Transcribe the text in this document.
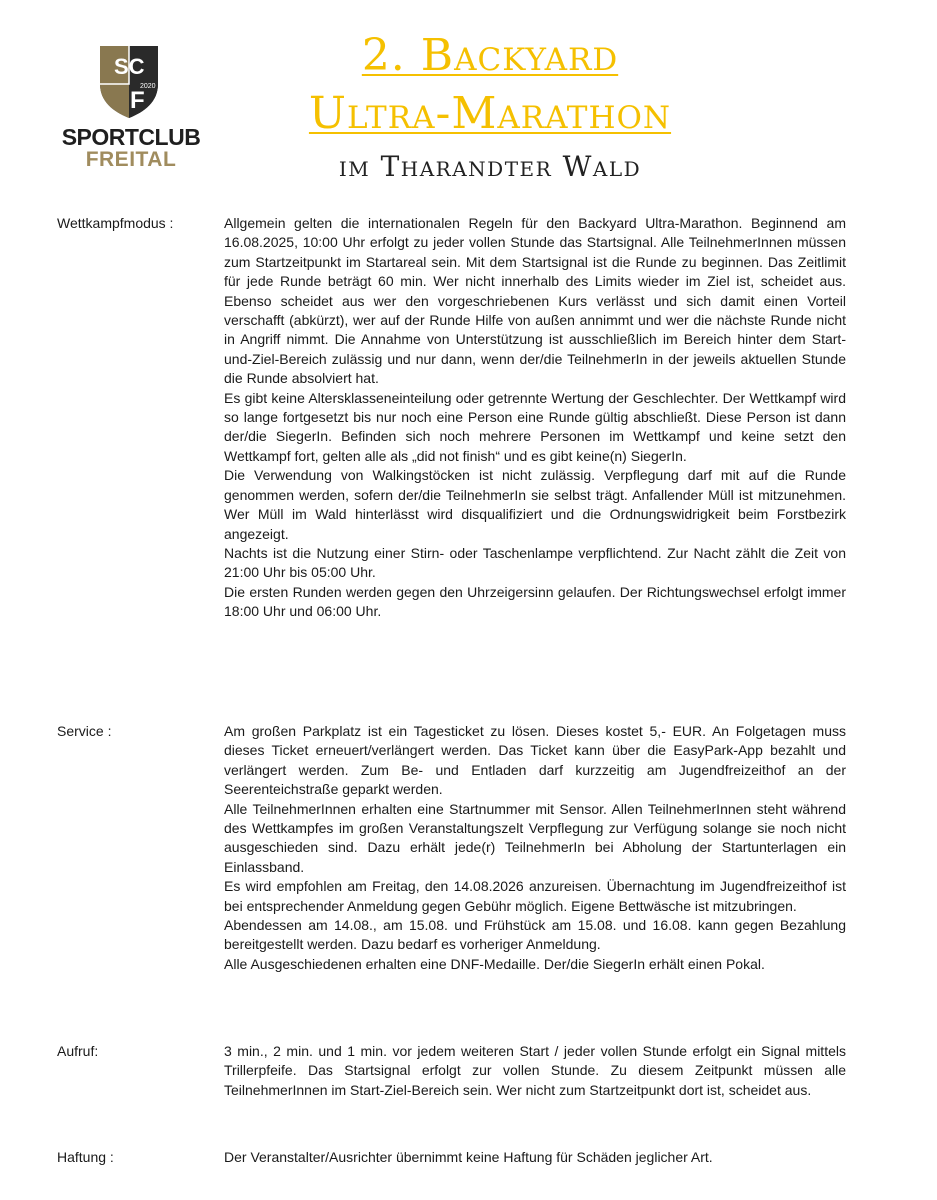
SC
F
2020
SPORTCLUB
FREITAL
2. Backyard
Ultra-Marathon
im Tharandter Wald
Wettkampfmodus :	Allgemein gelten die internationalen Regeln für den Backyard Ultra-Marathon. Beginnend am 16.08.2025, 10:00 Uhr erfolgt zu jeder vollen Stunde das Startsignal. Alle TeilnehmerInnen müssen zum Startzeitpunkt im Startareal sein. Mit dem Startsignal ist die Runde zu beginnen. Das Zeitlimit für jede Runde beträgt 60 min. Wer nicht innerhalb des Limits wieder im Ziel ist, scheidet aus. Ebenso scheidet aus wer den vorgeschriebenen Kurs verlässt und sich damit einen Vorteil verschafft (abkürzt), wer auf der Runde Hilfe von außen annimmt und wer die nächste Runde nicht in Angriff nimmt. Die Annahme von Unterstützung ist ausschließlich im Bereich hinter dem Start- und-Ziel-Bereich zulässig und nur dann, wenn der/die TeilnehmerIn in der jeweils aktuellen Stunde die Runde absolviert hat.

Es gibt keine Altersklasseneinteilung oder getrennte Wertung der Geschlechter. Der Wettkampf wird so lange fortgesetzt bis nur noch eine Person eine Runde gültig abschließt. Diese Person ist dann der/die SiegerIn. Befinden sich noch mehrere Personen im Wettkampf und keine setzt den Wettkampf fort, gelten alle als „did not finish“ und es gibt keine(n) SiegerIn.

Die Verwendung von Walkingstöcken ist nicht zulässig. Verpflegung darf mit auf die Runde genommen werden, sofern der/die TeilnehmerIn sie selbst trägt. Anfallender Müll ist mitzunehmen. Wer Müll im Wald hinterlässt wird disqualifiziert und die Ordnungswidrigkeit beim Forstbezirk angezeigt.

Nachts ist die Nutzung einer Stirn- oder Taschenlampe verpflichtend. Zur Nacht zählt die Zeit von 21:00 Uhr bis 05:00 Uhr.

Die ersten Runden werden gegen den Uhrzeigersinn gelaufen. Der Richtungswechsel erfolgt immer 18:00 Uhr und 06:00 Uhr.

Service :	Am großen Parkplatz ist ein Tagesticket zu lösen. Dieses kostet 5,- EUR. An Folgetagen muss dieses Ticket erneuert/verlängert werden. Das Ticket kann über die EasyPark-App bezahlt und verlängert werden. Zum Be- und Entladen darf kurzzeitig am Jugendfreizeithof an der Seerenteichstraße geparkt werden.

Alle TeilnehmerInnen erhalten eine Startnummer mit Sensor. Allen TeilnehmerInnen steht während des Wettkampfes im großen Veranstaltungszelt Verpflegung zur Verfügung solange sie noch nicht ausgeschieden sind. Dazu erhält jede(r) TeilnehmerIn bei Abholung der Startunterlagen ein Einlassband.

Es wird empfohlen am Freitag, den 14.08.2026 anzureisen. Übernachtung im Jugendfreizeithof ist bei entsprechender Anmeldung gegen Gebühr möglich. Eigene Bettwäsche ist mitzubringen.

Abendessen am 14.08., am 15.08. und Frühstück am 15.08. und 16.08. kann gegen Bezahlung bereitgestellt werden. Dazu bedarf es vorheriger Anmeldung.

Alle Ausgeschiedenen erhalten eine DNF-Medaille. Der/die SiegerIn erhält einen Pokal.

Aufruf:	3 min., 2 min. und 1 min. vor jedem weiteren Start / jeder vollen Stunde erfolgt ein Signal mittels Trillerpfeife. Das Startsignal erfolgt zur vollen Stunde. Zu diesem Zeitpunkt müssen alle TeilnehmerInnen im Start-Ziel-Bereich sein. Wer nicht zum Startzeitpunkt dort ist, scheidet aus.

Haftung :	Der Veranstalter/Ausrichter übernimmt keine Haftung für Schäden jeglicher Art.
